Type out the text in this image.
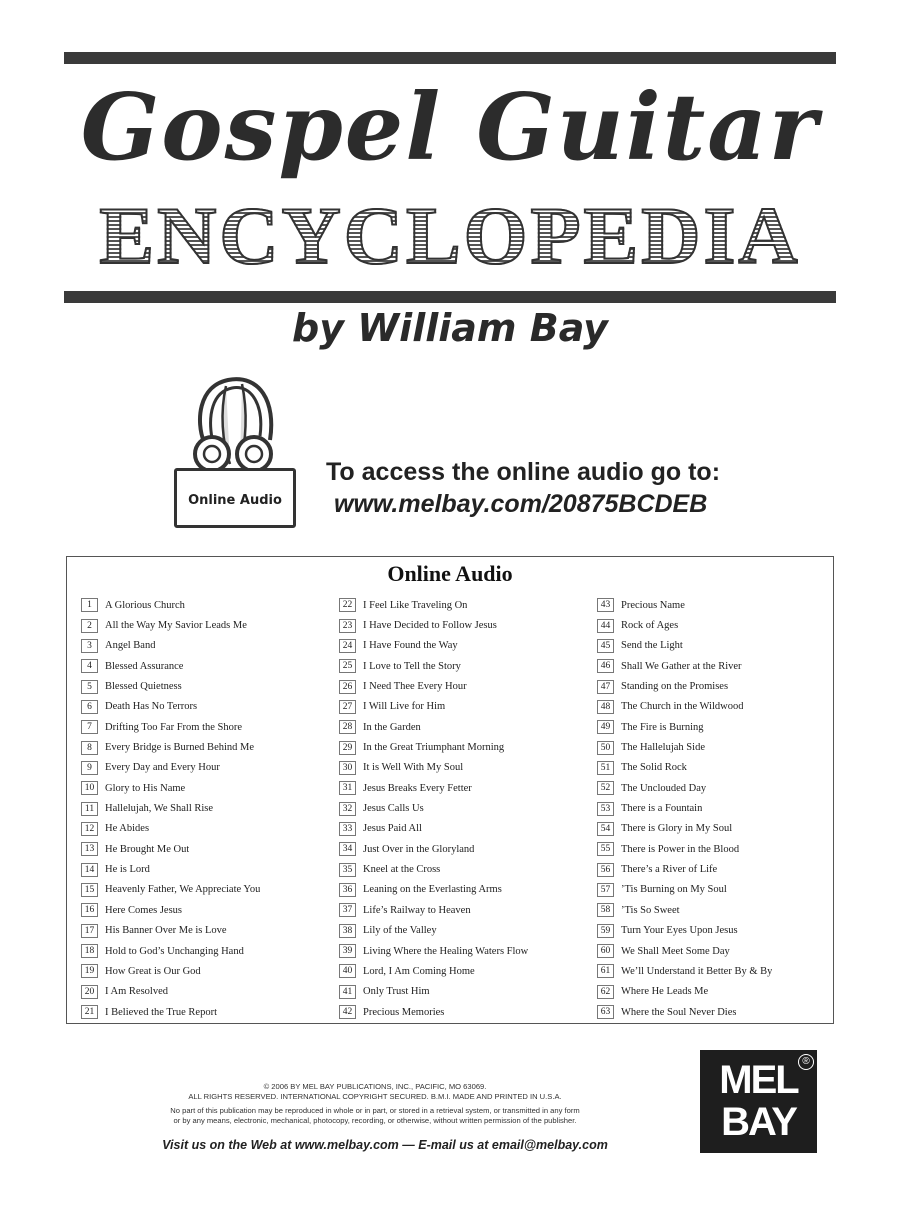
Gospel Guitar
ENCYCLOPEDIA
by William Bay
Online Audio
To access the online audio go to:
www.melbay.com/20875BCDEB
Online Audio
1	A Glorious Church
2	All the Way My Savior Leads Me
3	Angel Band
4	Blessed Assurance
5	Blessed Quietness
6	Death Has No Terrors
7	Drifting Too Far From the Shore
8	Every Bridge is Burned Behind Me
9	Every Day and Every Hour
10	Glory to His Name
11	Hallelujah, We Shall Rise
12	He Abides
13	He Brought Me Out
14	He is Lord
15	Heavenly Father, We Appreciate You
16	Here Comes Jesus
17	His Banner Over Me is Love
18	Hold to God’s Unchanging Hand
19	How Great is Our God
20	I Am Resolved
21	I Believed the True Report
22	I Feel Like Traveling On
23	I Have Decided to Follow Jesus
24	I Have Found the Way
25	I Love to Tell the Story
26	I Need Thee Every Hour
27	I Will Live for Him
28	In the Garden
29	In the Great Triumphant Morning
30	It is Well With My Soul
31	Jesus Breaks Every Fetter
32	Jesus Calls Us
33	Jesus Paid All
34	Just Over in the Gloryland
35	Kneel at the Cross
36	Leaning on the Everlasting Arms
37	Life’s Railway to Heaven
38	Lily of the Valley
39	Living Where the Healing Waters Flow
40	Lord, I Am Coming Home
41	Only Trust Him
42	Precious Memories
43	Precious Name
44	Rock of Ages
45	Send the Light
46	Shall We Gather at the River
47	Standing on the Promises
48	The Church in the Wildwood
49	The Fire is Burning
50	The Hallelujah Side
51	The Solid Rock
52	The Unclouded Day
53	There is a Fountain
54	There is Glory in My Soul
55	There is Power in the Blood
56	There’s a River of Life
57	’Tis Burning on My Soul
58	’Tis So Sweet
59	Turn Your Eyes Upon Jesus
60	We Shall Meet Some Day
61	We’ll Understand it Better By & By
62	Where He Leads Me
63	Where the Soul Never Dies
© 2006 BY MEL BAY PUBLICATIONS, INC., PACIFIC, MO 63069.
ALL RIGHTS RESERVED. INTERNATIONAL COPYRIGHT SECURED. B.M.I. MADE AND PRINTED IN U.S.A.
No part of this publication may be reproduced in whole or in part, or stored in a retrieval system, or transmitted in any form
or by any means, electronic, mechanical, photocopy, recording, or otherwise, without written permission of the publisher.
Visit us on the Web at www.melbay.com — E-mail us at email@melbay.com
MEL
BAY
®
